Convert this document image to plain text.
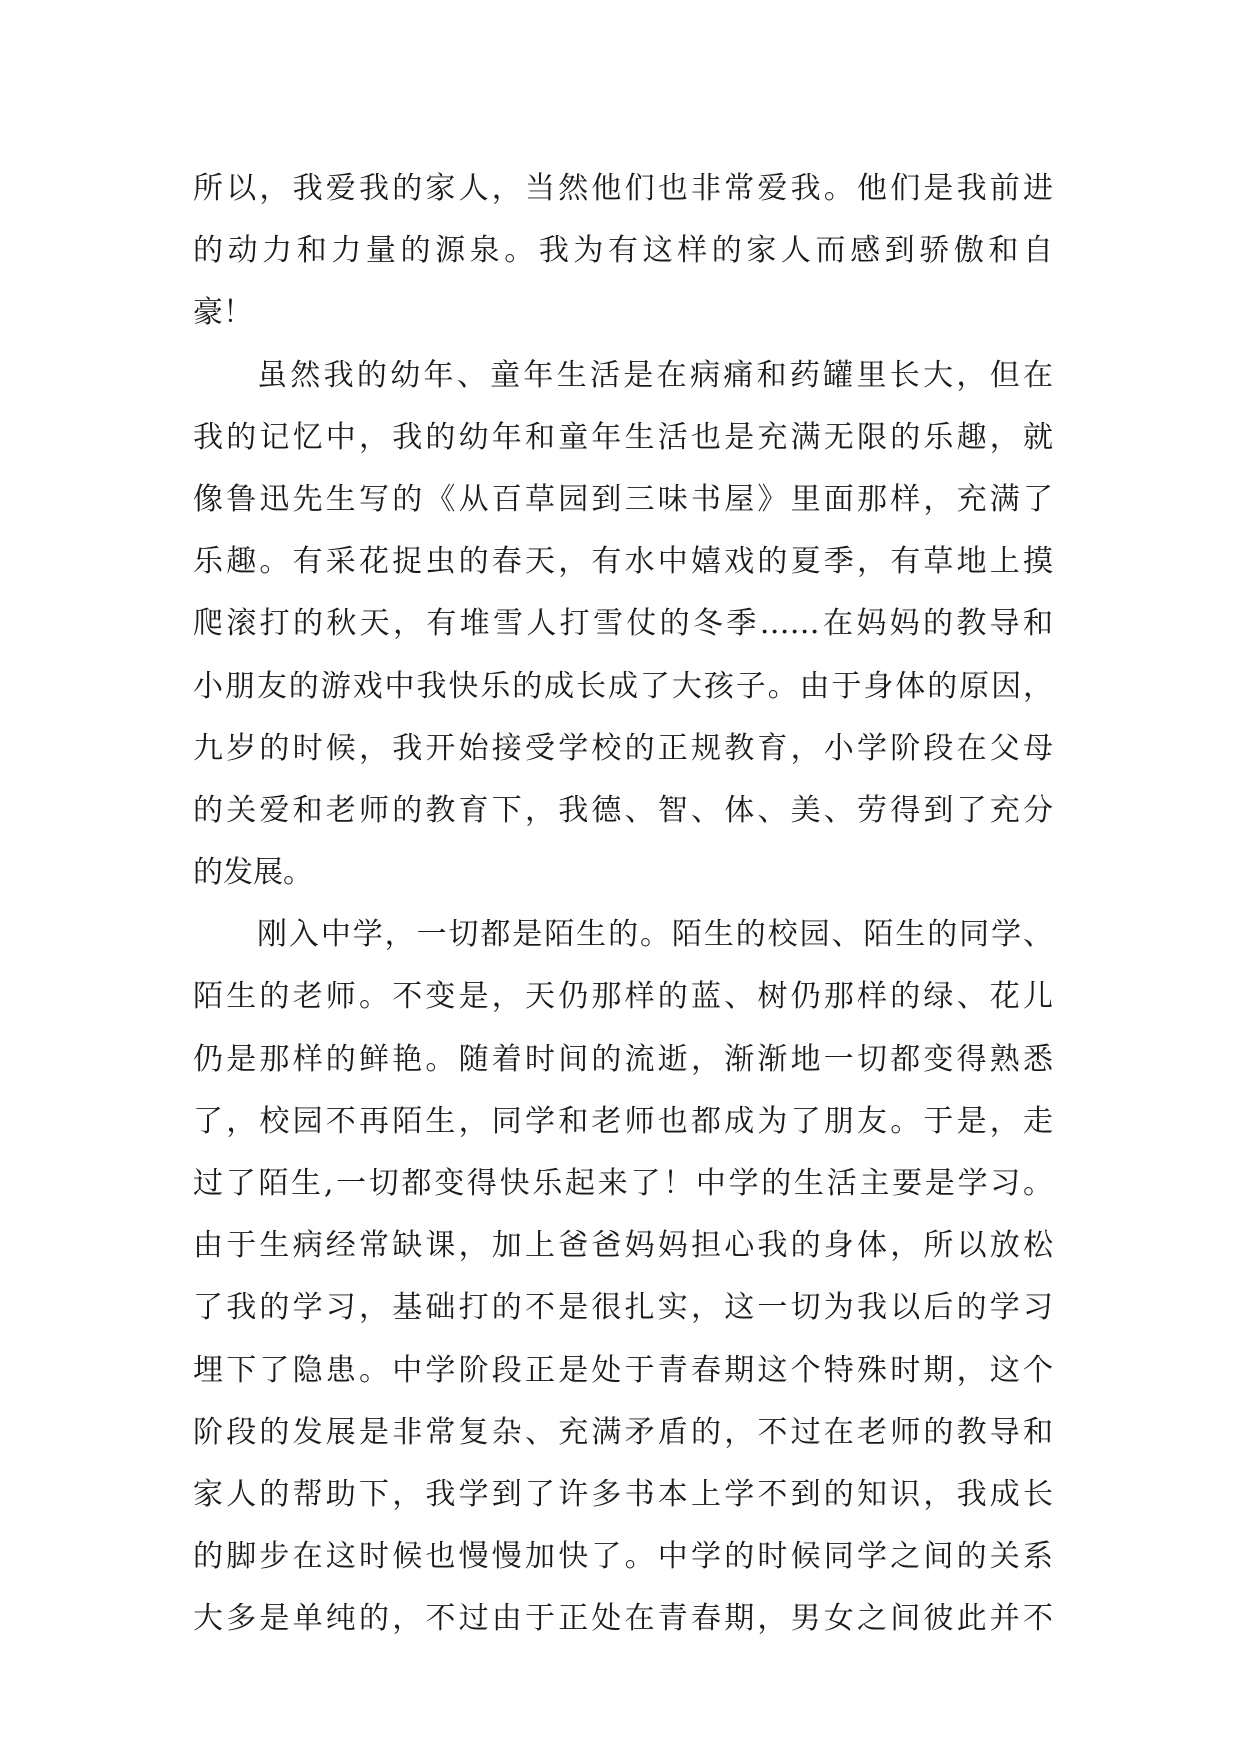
所以，我爱我的家人，当然他们也非常爱我。他们是我前进
的动力和力量的源泉。我为有这样的家人而感到骄傲和自
豪！
虽然我的幼年、童年生活是在病痛和药罐里长大，但在
我的记忆中，我的幼年和童年生活也是充满无限的乐趣，就
像鲁迅先生写的《从百草园到三味书屋》里面那样，充满了
乐趣。有采花捉虫的春天，有水中嬉戏的夏季，有草地上摸
爬滚打的秋天，有堆雪人打雪仗的冬季……在妈妈的教导和
小朋友的游戏中我快乐的成长成了大孩子。由于身体的原因，
九岁的时候，我开始接受学校的正规教育，小学阶段在父母
的关爱和老师的教育下，我德、智、体、美、劳得到了充分
的发展。
刚入中学，一切都是陌生的。陌生的校园、陌生的同学、
陌生的老师。不变是，天仍那样的蓝、树仍那样的绿、花儿
仍是那样的鲜艳。随着时间的流逝，渐渐地一切都变得熟悉
了，校园不再陌生，同学和老师也都成为了朋友。于是，走
过了陌生,一切都变得快乐起来了！中学的生活主要是学习。
由于生病经常缺课，加上爸爸妈妈担心我的身体，所以放松
了我的学习，基础打的不是很扎实，这一切为我以后的学习
埋下了隐患。中学阶段正是处于青春期这个特殊时期，这个
阶段的发展是非常复杂、充满矛盾的，不过在老师的教导和
家人的帮助下，我学到了许多书本上学不到的知识，我成长
的脚步在这时候也慢慢加快了。中学的时候同学之间的关系
大多是单纯的，不过由于正处在青春期，男女之间彼此并不
